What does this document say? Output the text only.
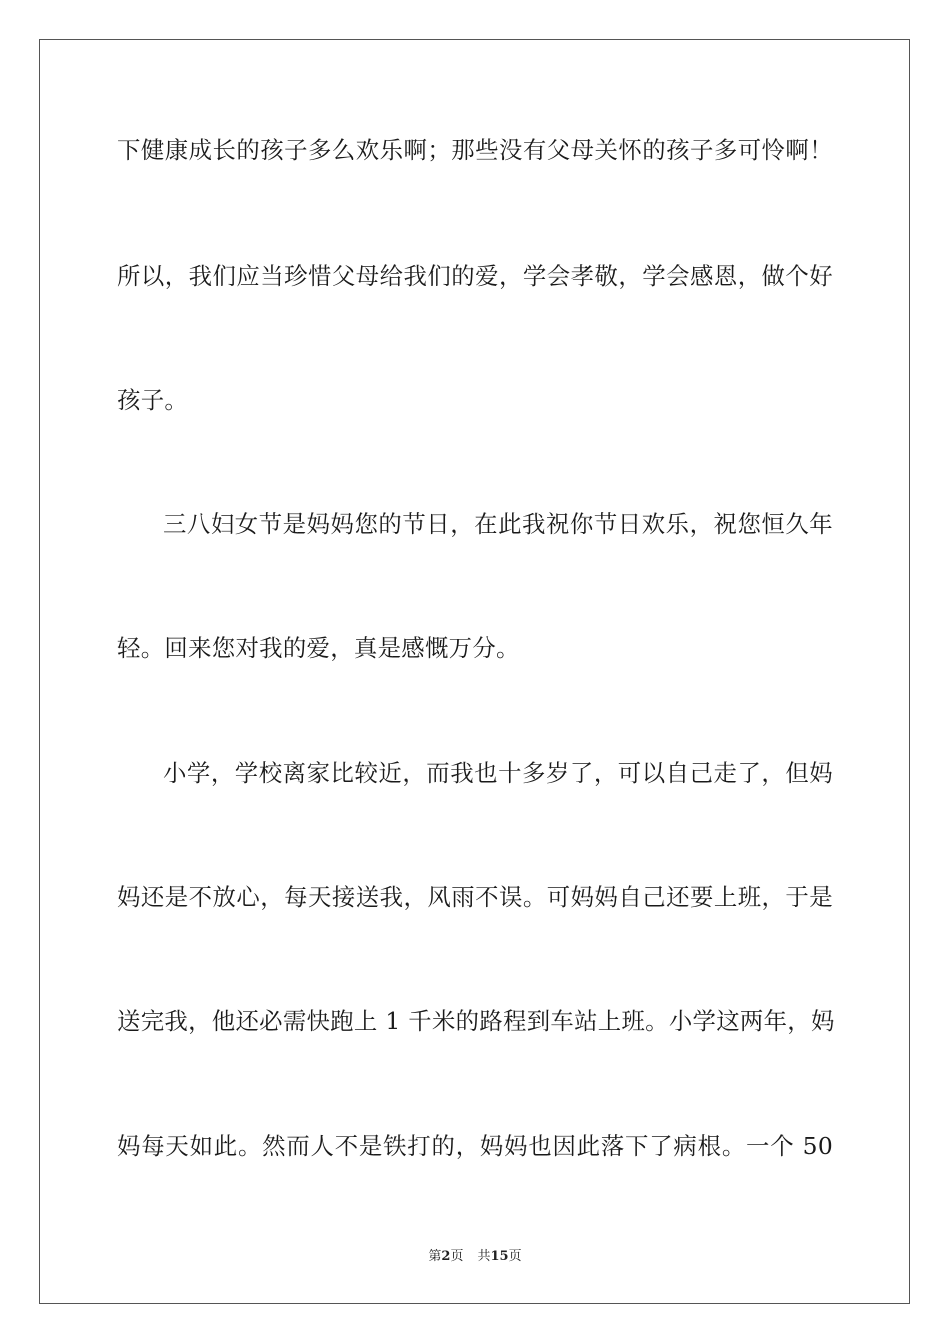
下健康成长的孩子多么欢乐啊；那些没有父母关怀的孩子多可怜啊！
所以，我们应当珍惜父母给我们的爱，学会孝敬，学会感恩，做个好
孩子。
三八妇女节是妈妈您的节日，在此我祝你节日欢乐，祝您恒久年
轻。回来您对我的爱，真是感慨万分。
小学，学校离家比较近，而我也十多岁了，可以自己走了，但妈
妈还是不放心，每天接送我，风雨不误。可妈妈自己还要上班，于是
送完我，他还必需快跑上 1 千米的路程到车站上班。小学这两年，妈
妈每天如此。然而人不是铁打的，妈妈也因此落下了病根。一个 50
第2页 共15页
